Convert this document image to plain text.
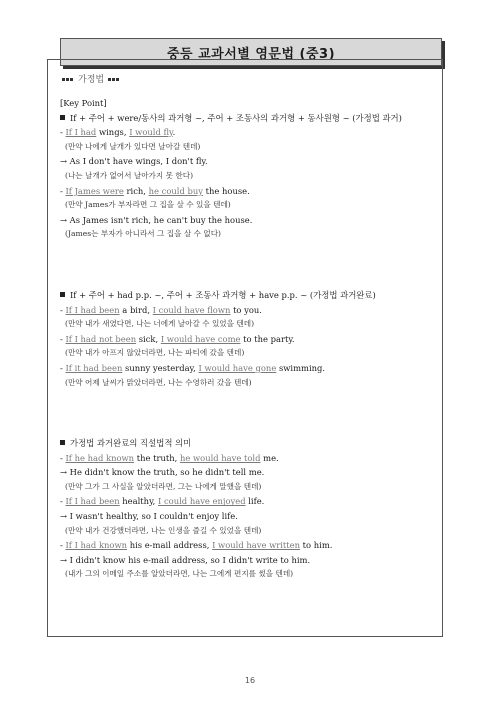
중등 교과서별 영문법 (중3)
가정법
[Key Point]
If + 주어 + were/동사의 과거형 ~, 주어 + 조동사의 과거형 + 동사원형 ~ (가정법 과거)
- If I had wings, I would fly.
(만약 나에게 날개가 있다면 날아갈 텐데)
→ As I don't have wings, I don't fly.
(나는 날개가 없어서 날아가지 못 한다)
- If James were rich, he could buy the house.
(만약 James가 부자라면 그 집을 살 수 있을 텐데)
→ As James isn't rich, he can't buy the house.
(James는 부자가 아니라서 그 집을 살 수 없다)
If + 주어 + had p.p. ~, 주어 + 조동사 과거형 + have p.p. ~ (가정법 과거완료)
- If I had been a bird, I could have flown to you.
(만약 내가 새였다면, 나는 너에게 날아갈 수 있었을 텐데)
- If I had not been sick, I would have come to the party.
(만약 내가 아프지 않았더라면, 나는 파티에 갔을 텐데)
- If it had been sunny yesterday, I would have gone swimming.
(만약 어제 날씨가 맑았더라면, 나는 수영하러 갔을 텐데)
가정법 과거완료의 직설법적 의미
- If he had known the truth, he would have told me.
→ He didn't know the truth, so he didn't tell me.
(만약 그가 그 사실을 알았더라면, 그는 나에게 말했을 텐데)
- If I had been healthy, I could have enjoyed life.
→ I wasn't healthy, so I couldn't enjoy life.
(만약 내가 건강했더라면, 나는 인생을 즐길 수 있었을 텐데)
- If I had known his e-mail address, I would have written to him.
→ I didn't know his e-mail address, so I didn't write to him.
(내가 그의 이메일 주소를 알았더라면, 나는 그에게 편지를 썼을 텐데)
16
